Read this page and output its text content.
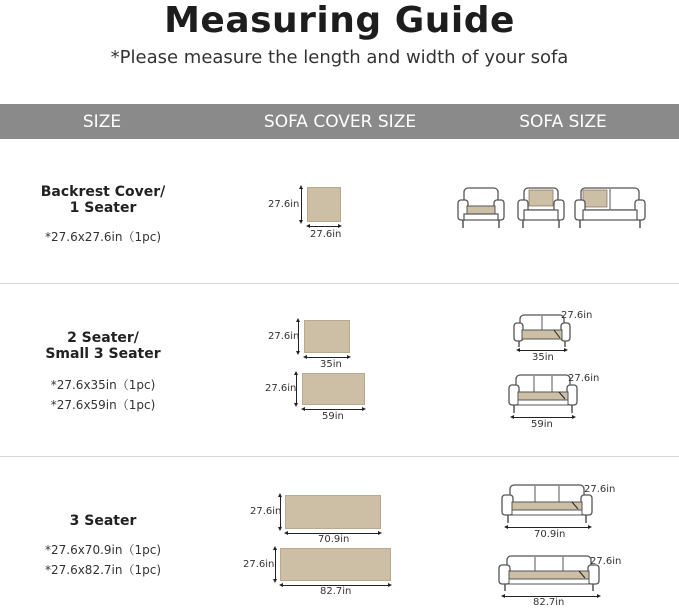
Measuring Guide
*Please measure the length and width of your sofa
SIZE	SOFA COVER SIZE	SOFA SIZE
Backrest Cover/
1 Seater
*27.6x27.6in（1pc)
27.6in
27.6in
2 Seater/
Small 3 Seater
*27.6x35in（1pc)
*27.6x59in（1pc)
27.6in
35in
27.6in
59in
27.6in
35in
27.6in
59in
3 Seater
*27.6x70.9in（1pc)
*27.6x82.7in（1pc)
27.6in
70.9in
27.6in
82.7in
27.6in
70.9in
27.6in
82.7in
